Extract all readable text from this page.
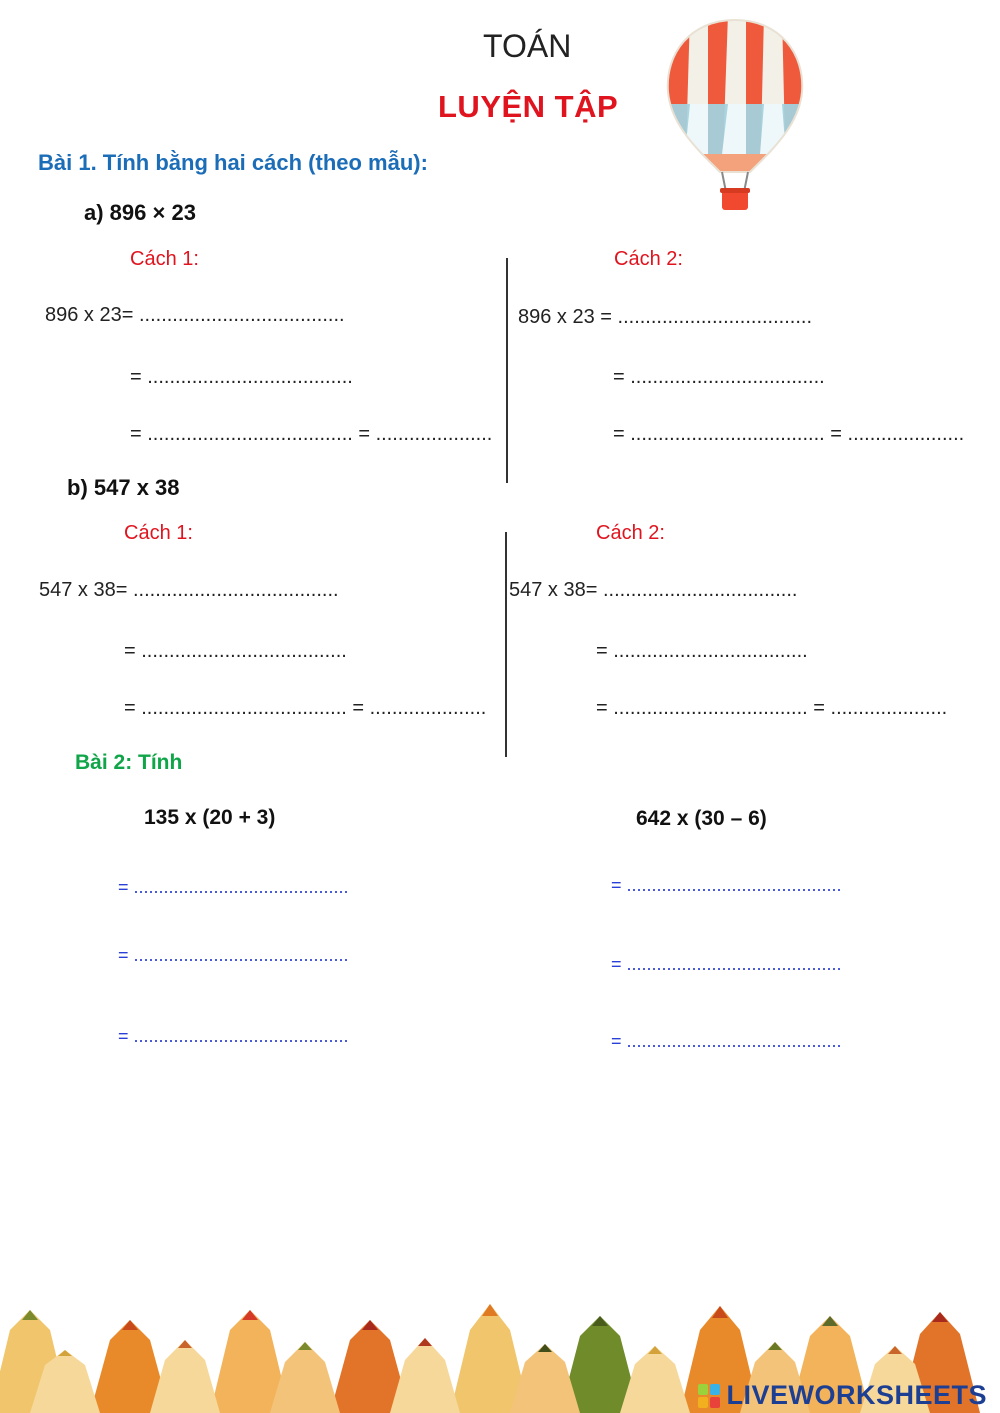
TOÁN
LUYỆN TẬP
Bài 1. Tính bằng hai cách (theo mẫu):
a) 896 × 23
Cách 1:
896 x 23= .....................................
= .....................................
= ..................................... = .....................
Cách 2:
896 x 23 = ...................................
= ...................................
= ................................... = .....................
b) 547 x 38
Cách 1:
547 x 38= .....................................
= .....................................
= ..................................... = .....................
Cách 2:
547 x 38= ...................................
= ...................................
= ................................... = .....................
Bài 2: Tính
135 x (20 + 3)
= ...........................................
= ...........................................
= ...........................................
642 x (30 – 6)
= ...........................................
= ...........................................
= ...........................................
LIVEWORKSHEETS
